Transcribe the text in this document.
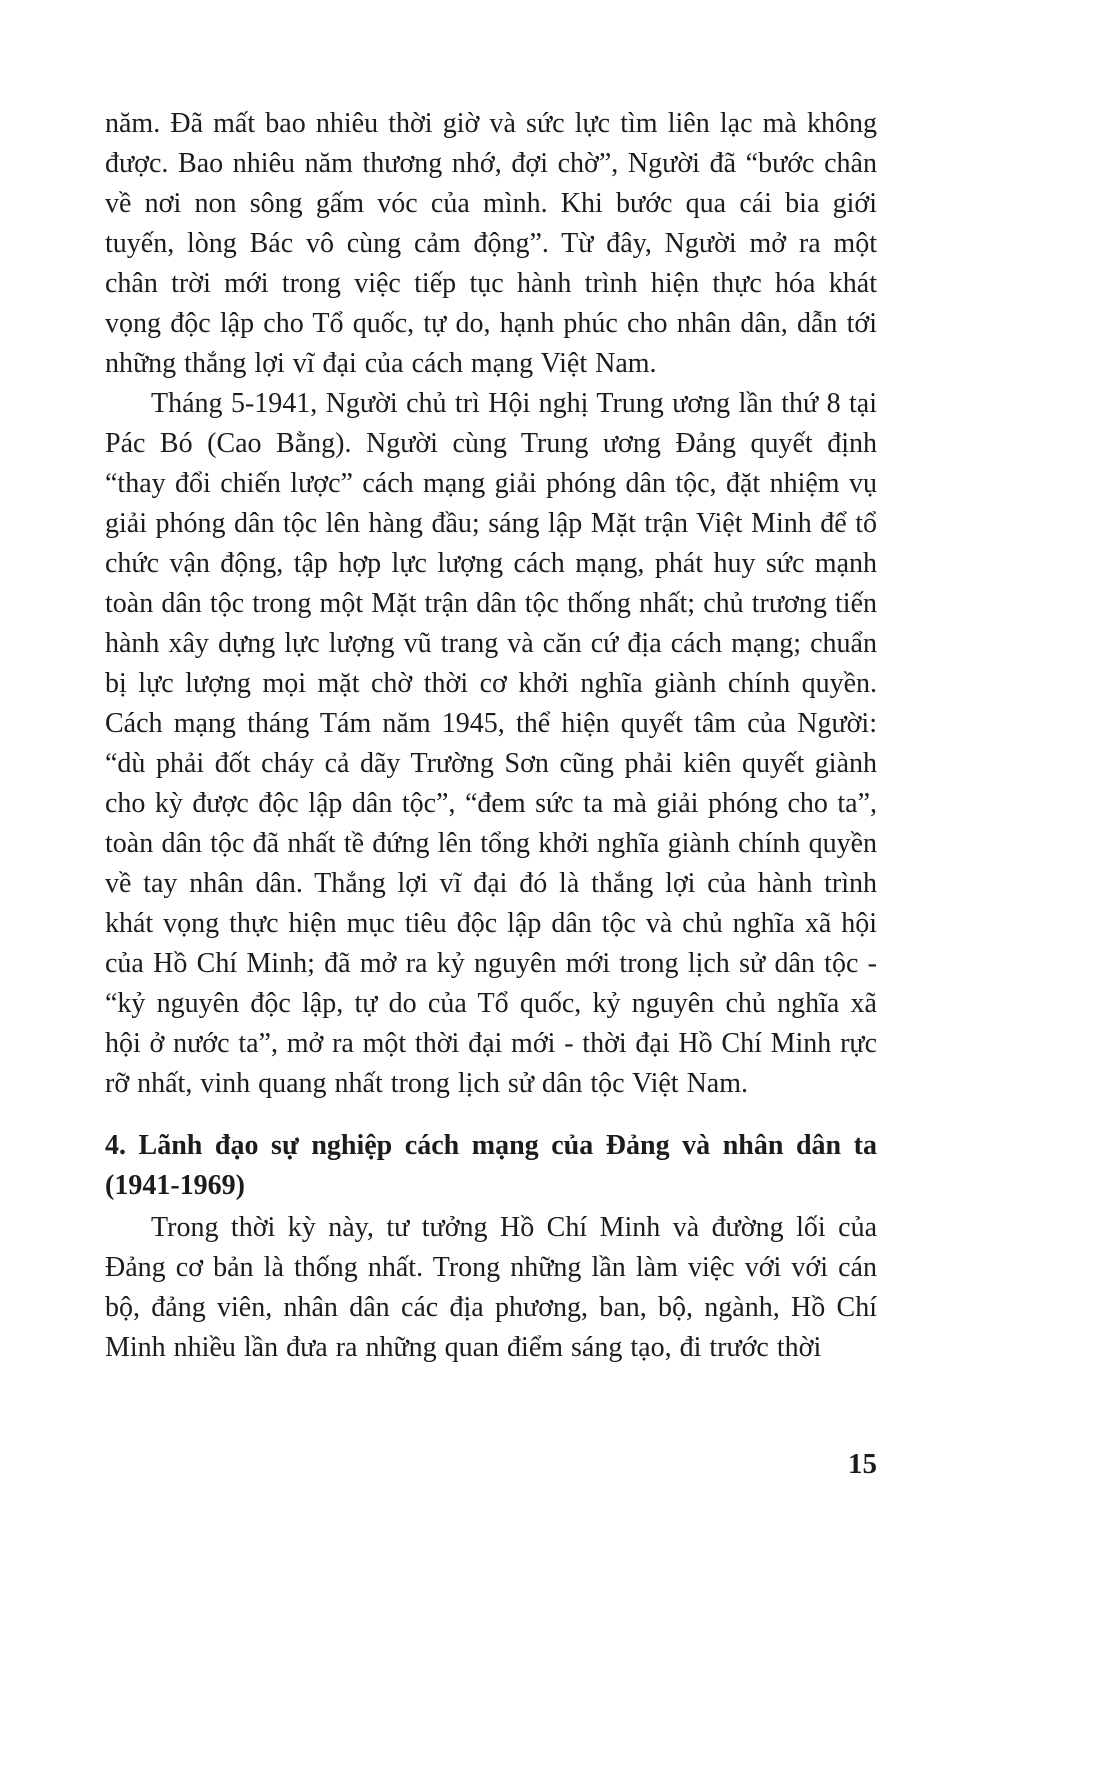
năm. Đã mất bao nhiêu thời giờ và sức lực tìm liên lạc mà không được. Bao nhiêu năm thương nhớ, đợi chờ”, Người đã “bước chân về nơi non sông gấm vóc của mình. Khi bước qua cái bia giới tuyến, lòng Bác vô cùng cảm động”. Từ đây, Người mở ra một chân trời mới trong việc tiếp tục hành trình hiện thực hóa khát vọng độc lập cho Tổ quốc, tự do, hạnh phúc cho nhân dân, dẫn tới những thắng lợi vĩ đại của cách mạng Việt Nam.

Tháng 5-1941, Người chủ trì Hội nghị Trung ương lần thứ 8 tại Pác Bó (Cao Bằng). Người cùng Trung ương Đảng quyết định “thay đổi chiến lược” cách mạng giải phóng dân tộc, đặt nhiệm vụ giải phóng dân tộc lên hàng đầu; sáng lập Mặt trận Việt Minh để tổ chức vận động, tập hợp lực lượng cách mạng, phát huy sức mạnh toàn dân tộc trong một Mặt trận dân tộc thống nhất; chủ trương tiến hành xây dựng lực lượng vũ trang và căn cứ địa cách mạng; chuẩn bị lực lượng mọi mặt chờ thời cơ khởi nghĩa giành chính quyền. Cách mạng tháng Tám năm 1945, thể hiện quyết tâm của Người: “dù phải đốt cháy cả dãy Trường Sơn cũng phải kiên quyết giành cho kỳ được độc lập dân tộc”, “đem sức ta mà giải phóng cho ta”, toàn dân tộc đã nhất tề đứng lên tổng khởi nghĩa giành chính quyền về tay nhân dân. Thắng lợi vĩ đại đó là thắng lợi của hành trình khát vọng thực hiện mục tiêu độc lập dân tộc và chủ nghĩa xã hội của Hồ Chí Minh; đã mở ra kỷ nguyên mới trong lịch sử dân tộc - “kỷ nguyên độc lập, tự do của Tổ quốc, kỷ nguyên chủ nghĩa xã hội ở nước ta”, mở ra một thời đại mới - thời đại Hồ Chí Minh rực rỡ nhất, vinh quang nhất trong lịch sử dân tộc Việt Nam.

4. Lãnh đạo sự nghiệp cách mạng của Đảng và nhân dân ta (1941-1969)

Trong thời kỳ này, tư tưởng Hồ Chí Minh và đường lối của Đảng cơ bản là thống nhất. Trong những lần làm việc với với cán bộ, đảng viên, nhân dân các địa phương, ban, bộ, ngành, Hồ Chí Minh nhiều lần đưa ra những quan điểm sáng tạo, đi trước thời

15
